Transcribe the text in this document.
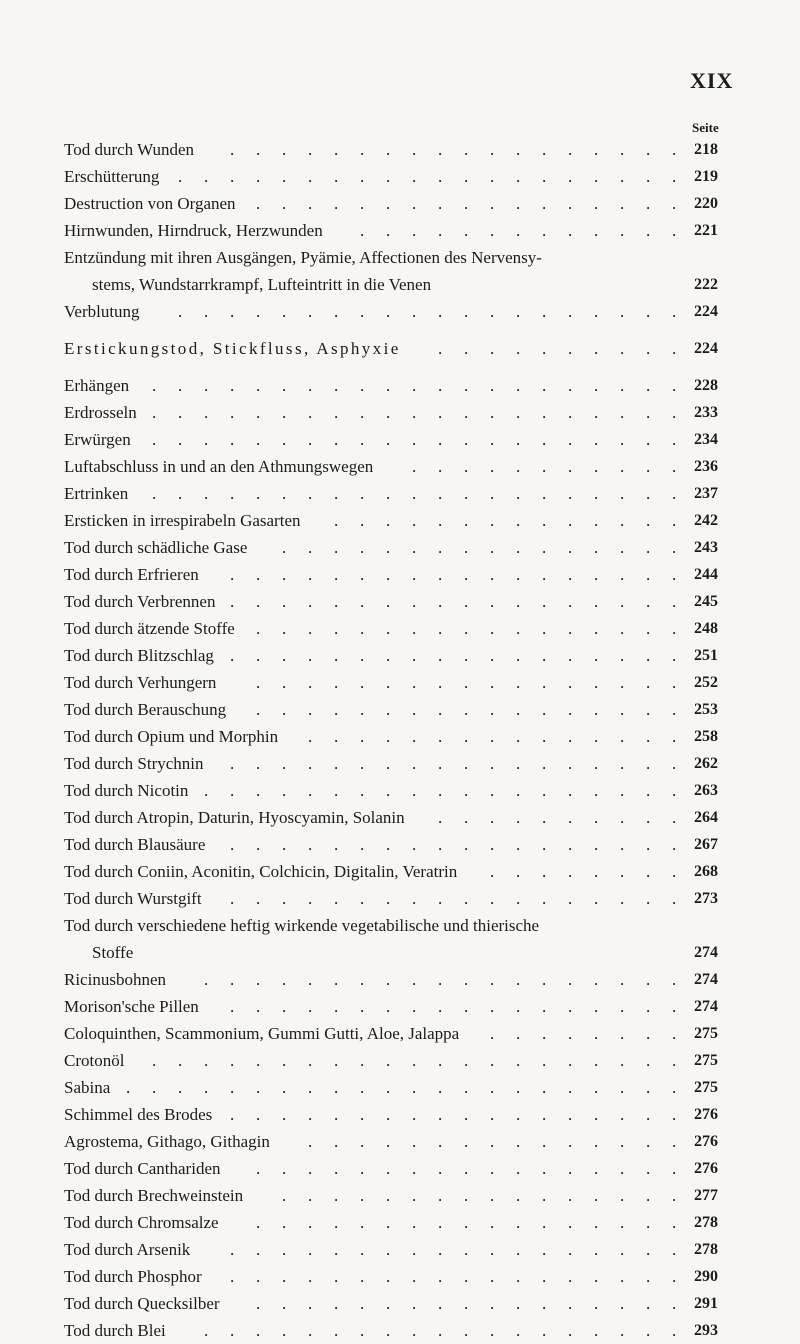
XIX
Seite
Tod durch Wunden	218
.
.
.
.
.
.
.
.
.
.
.
.
.
.
.
.
.
.
Erschütterung	219
.
.
.
.
.
.
.
.
.
.
.
.
.
.
.
.
.
.
.
.
Destruction von Organen	220
.
.
.
.
.
.
.
.
.
.
.
.
.
.
.
.
.
Hirnwunden, Hirndruck, Herzwunden	221
.
.
.
.
.
.
.
.
.
.
.
.
.
Entzündung mit ihren Ausgängen, Pyämie, Affectionen des Nervensy-
stems, Wundstarrkrampf, Lufteintritt in die Venen	222
Verblutung	224
.
.
.
.
.
.
.
.
.
.
.
.
.
.
.
.
.
.
.
.
Erstickungstod, Stickfluss, Asphyxie	224
.
.
.
.
.
.
.
.
.
.
Erhängen	228
.
.
.
.
.
.
.
.
.
.
.
.
.
.
.
.
.
.
.
.
.
Erdrosseln	233
.
.
.
.
.
.
.
.
.
.
.
.
.
.
.
.
.
.
.
.
.
Erwürgen	234
.
.
.
.
.
.
.
.
.
.
.
.
.
.
.
.
.
.
.
.
.
Luftabschluss in und an den Athmungswegen	236
.
.
.
.
.
.
.
.
.
.
.
Ertrinken	237
.
.
.
.
.
.
.
.
.
.
.
.
.
.
.
.
.
.
.
.
.
Ersticken in irrespirabeln Gasarten	242
.
.
.
.
.
.
.
.
.
.
.
.
.
.
Tod durch schädliche Gase	243
.
.
.
.
.
.
.
.
.
.
.
.
.
.
.
.
Tod durch Erfrieren	244
.
.
.
.
.
.
.
.
.
.
.
.
.
.
.
.
.
.
Tod durch Verbrennen	245
.
.
.
.
.
.
.
.
.
.
.
.
.
.
.
.
.
.
Tod durch ätzende Stoffe	248
.
.
.
.
.
.
.
.
.
.
.
.
.
.
.
.
.
Tod durch Blitzschlag	251
.
.
.
.
.
.
.
.
.
.
.
.
.
.
.
.
.
.
Tod durch Verhungern	252
.
.
.
.
.
.
.
.
.
.
.
.
.
.
.
.
.
Tod durch Berauschung	253
.
.
.
.
.
.
.
.
.
.
.
.
.
.
.
.
.
Tod durch Opium und Morphin	258
.
.
.
.
.
.
.
.
.
.
.
.
.
.
.
Tod durch Strychnin	262
.
.
.
.
.
.
.
.
.
.
.
.
.
.
.
.
.
.
Tod durch Nicotin	263
.
.
.
.
.
.
.
.
.
.
.
.
.
.
.
.
.
.
.
Tod durch Atropin, Daturin, Hyoscyamin, Solanin	264
.
.
.
.
.
.
.
.
.
.
Tod durch Blausäure	267
.
.
.
.
.
.
.
.
.
.
.
.
.
.
.
.
.
.
Tod durch Coniin, Aconitin, Colchicin, Digitalin, Veratrin	268
.
.
.
.
.
.
.
.
Tod durch Wurstgift	273
.
.
.
.
.
.
.
.
.
.
.
.
.
.
.
.
.
.
Tod durch verschiedene heftig wirkende vegetabilische und thierische
Stoffe	274
Ricinusbohnen	274
.
.
.
.
.
.
.
.
.
.
.
.
.
.
.
.
.
.
.
Morison'sche Pillen	274
.
.
.
.
.
.
.
.
.
.
.
.
.
.
.
.
.
.
Coloquinthen, Scammonium, Gummi Gutti, Aloe, Jalappa	275
.
.
.
.
.
.
.
.
Crotonöl	275
.
.
.
.
.
.
.
.
.
.
.
.
.
.
.
.
.
.
.
.
.
Sabina	275
.
.
.
.
.
.
.
.
.
.
.
.
.
.
.
.
.
.
.
.
.
.
Schimmel des Brodes	276
.
.
.
.
.
.
.
.
.
.
.
.
.
.
.
.
.
.
Agrostema, Githago, Githagin	276
.
.
.
.
.
.
.
.
.
.
.
.
.
.
.
Tod durch Canthariden	276
.
.
.
.
.
.
.
.
.
.
.
.
.
.
.
.
.
Tod durch Brechweinstein	277
.
.
.
.
.
.
.
.
.
.
.
.
.
.
.
.
Tod durch Chromsalze	278
.
.
.
.
.
.
.
.
.
.
.
.
.
.
.
.
.
Tod durch Arsenik	278
.
.
.
.
.
.
.
.
.
.
.
.
.
.
.
.
.
.
Tod durch Phosphor	290
.
.
.
.
.
.
.
.
.
.
.
.
.
.
.
.
.
.
Tod durch Quecksilber	291
.
.
.
.
.
.
.
.
.
.
.
.
.
.
.
.
.
Tod durch Blei	293
.
.
.
.
.
.
.
.
.
.
.
.
.
.
.
.
.
.
.
